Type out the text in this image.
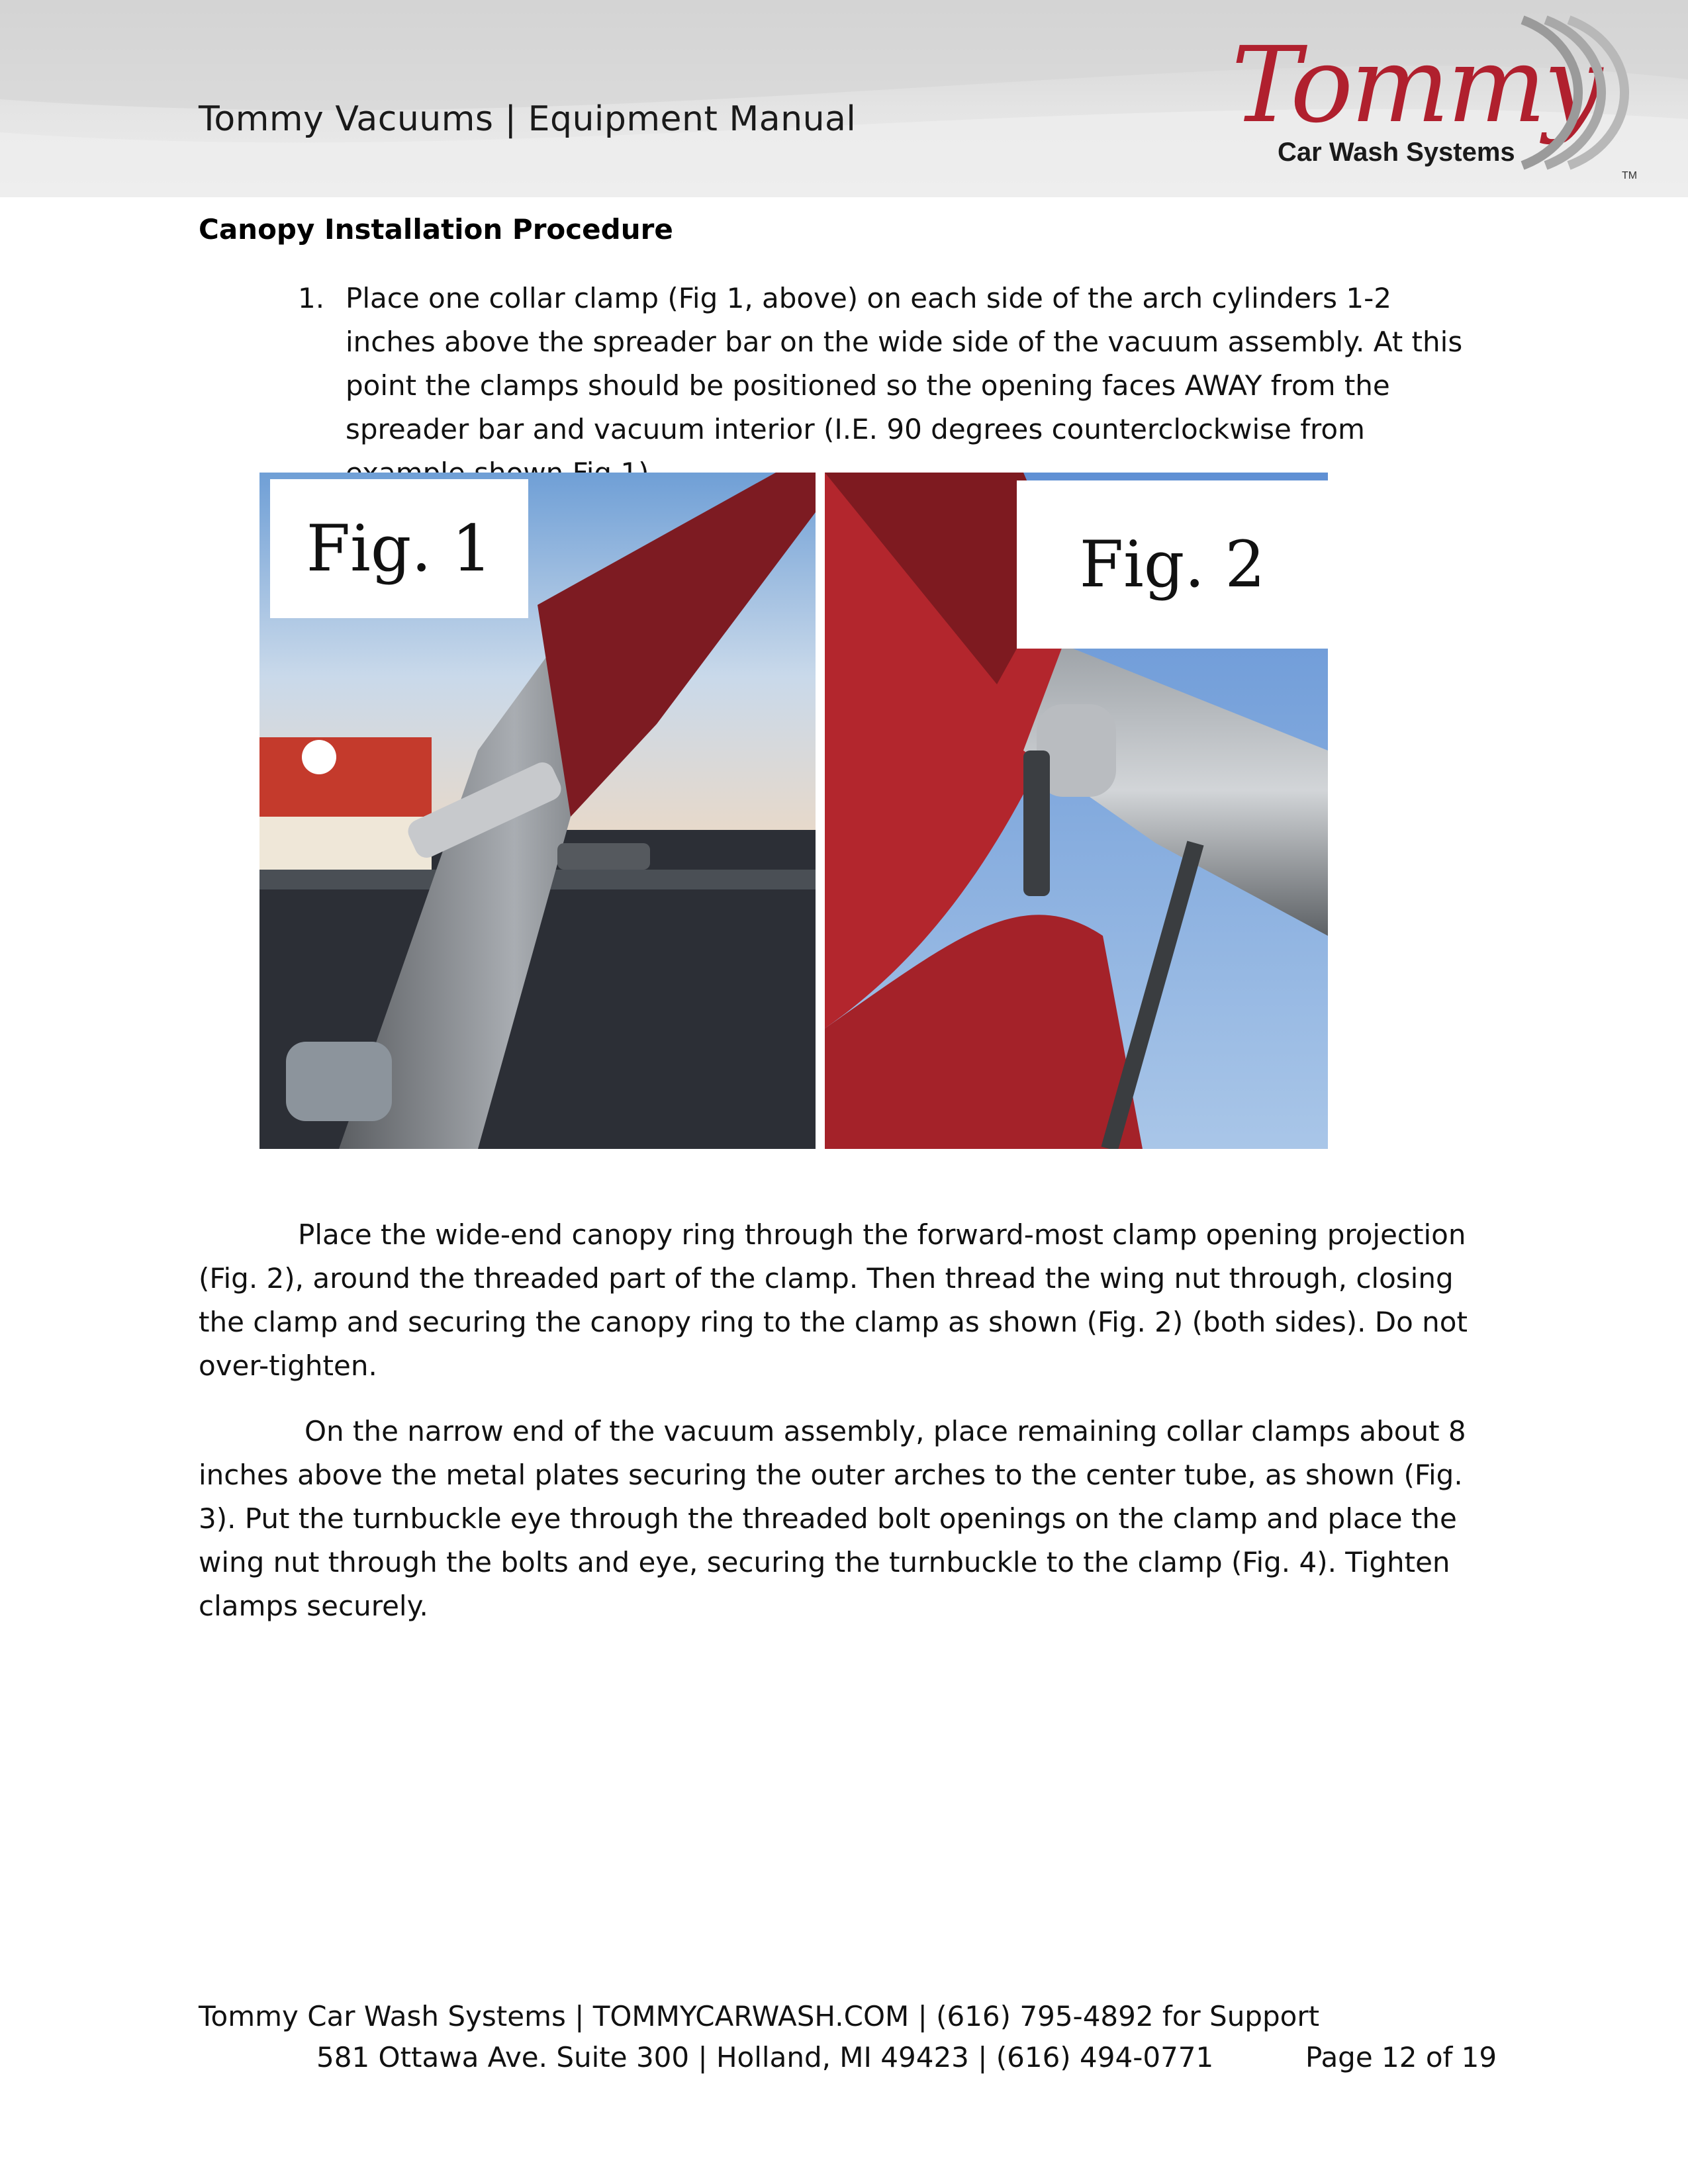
Tommy Vacuums | Equipment Manual	Tommy
Car Wash Systems
TM
Canopy Installation Procedure
1. Place one collar clamp (Fig 1, above) on each side of the arch cylinders 1-2 inches above the spreader bar on the wide side of the vacuum assembly. At this point the clamps should be positioned so the opening faces AWAY from the spreader bar and vacuum interior (I.E. 90 degrees counterclockwise from
Fig. 1	Fig. 2
Place the wide-end canopy ring through the forward-most clamp opening projection (Fig. 2), around the threaded part of the clamp. Then thread the wing nut through, closing the clamp and securing the canopy ring to the clamp as shown (Fig. 2) (both sides). Do not over-tighten.
On the narrow end of the vacuum assembly, place remaining collar clamps about 8 inches above the metal plates securing the outer arches to the center tube, as shown (Fig. 3). Put the turnbuckle eye through the threaded bolt openings on the clamp and place the wing nut through the bolts and eye, securing the turnbuckle to the clamp (Fig. 4). Tighten clamps securely.
Tommy Car Wash Systems | TOMMYCARWASH.COM | (616) 795-4892 for Support
581 Ottawa Ave. Suite 300 | Holland, MI 49423 | (616) 494-0771	Page 12 of 19
